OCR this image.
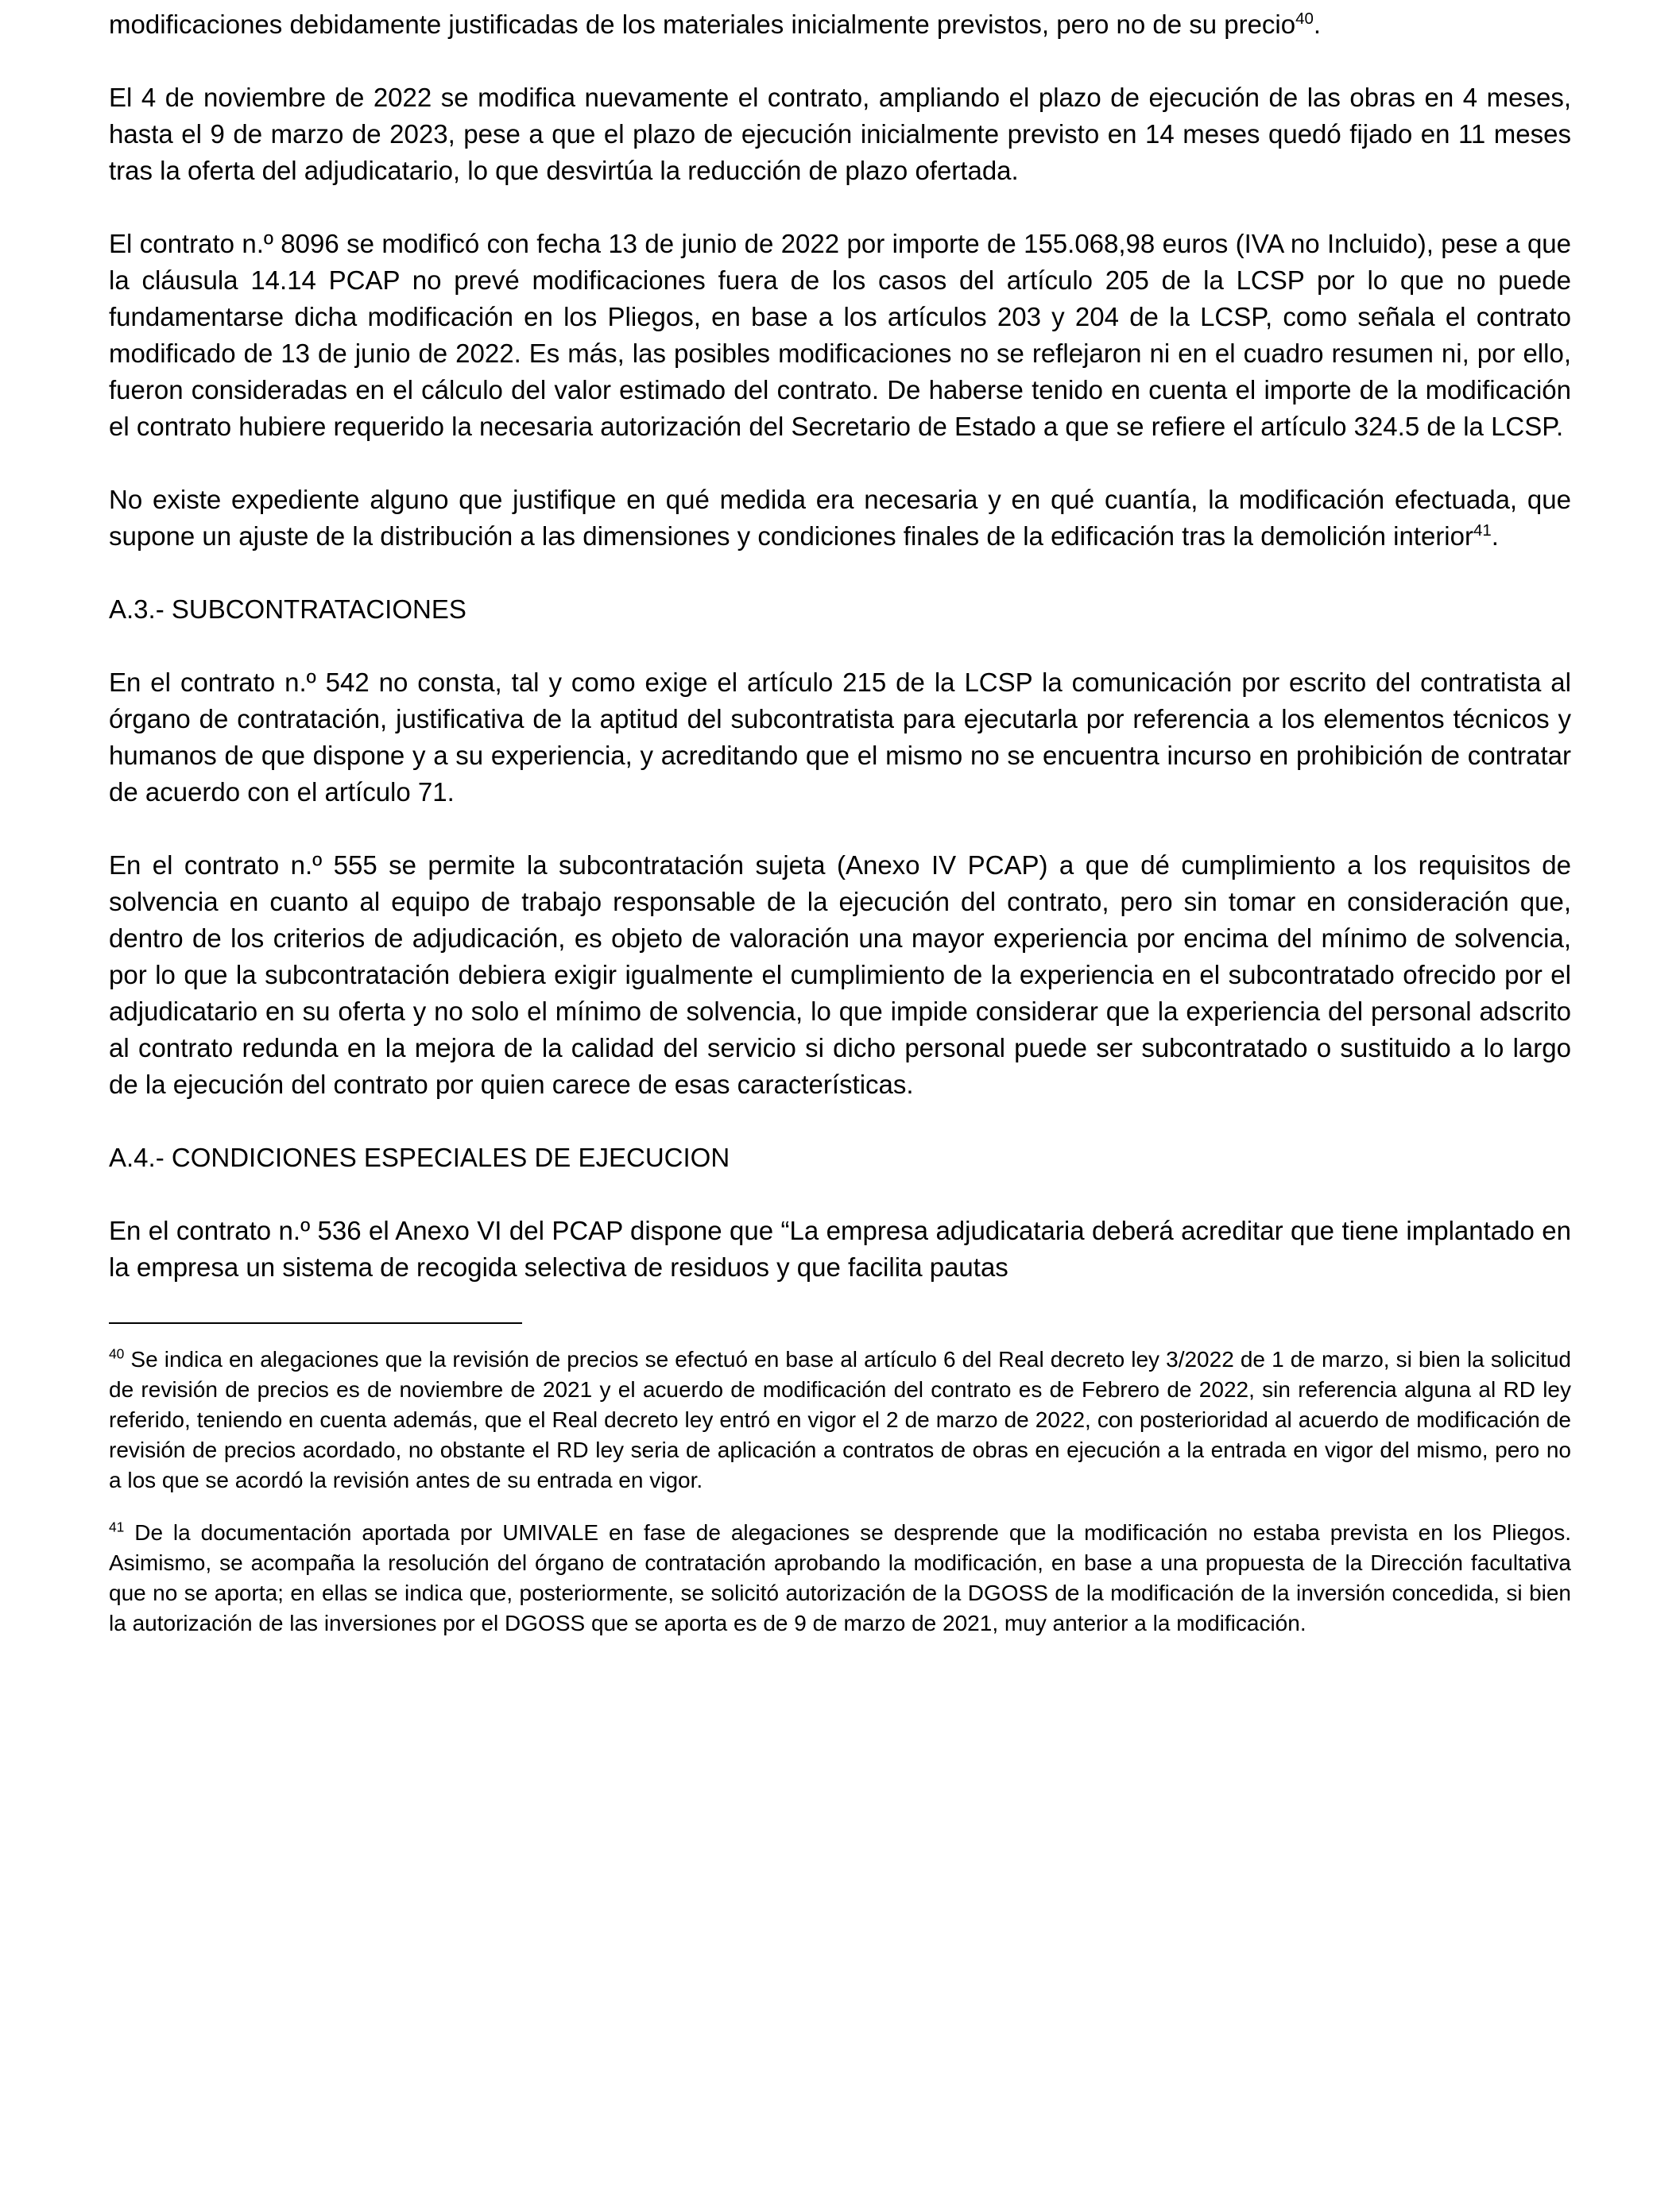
modificaciones debidamente justificadas de los materiales inicialmente previstos, pero no de su precio$^{40}$.

El 4 de noviembre de 2022 se modifica nuevamente el contrato, ampliando el plazo de ejecución de las obras en 4 meses, hasta el 9 de marzo de 2023, pese a que el plazo de ejecución inicialmente previsto en 14 meses quedó fijado en 11 meses tras la oferta del adjudicatario, lo que desvirtúa la reducción de plazo ofertada.

El contrato n.º 8096 se modificó con fecha 13 de junio de 2022 por importe de 155.068,98 euros (IVA no Incluido), pese a que la cláusula 14.14 PCAP no prevé modificaciones fuera de los casos del artículo 205 de la LCSP por lo que no puede fundamentarse dicha modificación en los Pliegos, en base a los artículos 203 y 204 de la LCSP, como señala el contrato modificado de 13 de junio de 2022. Es más, las posibles modificaciones no se reflejaron ni en el cuadro resumen ni, por ello, fueron consideradas en el cálculo del valor estimado del contrato. De haberse tenido en cuenta el importe de la modificación el contrato hubiere requerido la necesaria autorización del Secretario de Estado a que se refiere el artículo 324.5 de la LCSP.

No existe expediente alguno que justifique en qué medida era necesaria y en qué cuantía, la modificación efectuada, que supone un ajuste de la distribución a las dimensiones y condiciones finales de la edificación tras la demolición interior$^{41}$.

A.3.- SUBCONTRATACIONES

En el contrato n.º 542 no consta, tal y como exige el artículo 215 de la LCSP la comunicación por escrito del contratista al órgano de contratación, justificativa de la aptitud del subcontratista para ejecutarla por referencia a los elementos técnicos y humanos de que dispone y a su experiencia, y acreditando que el mismo no se encuentra incurso en prohibición de contratar de acuerdo con el artículo 71.

En el contrato n.º 555 se permite la subcontratación sujeta (Anexo IV PCAP) a que dé cumplimiento a los requisitos de solvencia en cuanto al equipo de trabajo responsable de la ejecución del contrato, pero sin tomar en consideración que, dentro de los criterios de adjudicación, es objeto de valoración una mayor experiencia por encima del mínimo de solvencia, por lo que la subcontratación debiera exigir igualmente el cumplimiento de la experiencia en el subcontratado ofrecido por el adjudicatario en su oferta y no solo el mínimo de solvencia, lo que impide considerar que la experiencia del personal adscrito al contrato redunda en la mejora de la calidad del servicio si dicho personal puede ser subcontratado o sustituido a lo largo de la ejecución del contrato por quien carece de esas características.

A.4.- CONDICIONES ESPECIALES DE EJECUCION

En el contrato n.º 536 el Anexo VI del PCAP dispone que “La empresa adjudicataria deberá acreditar que tiene implantado en la empresa un sistema de recogida selectiva de residuos y que facilita pautas

$^{40}$ Se indica en alegaciones que la revisión de precios se efectuó en base al artículo 6 del Real decreto ley 3/2022 de 1 de marzo, si bien la solicitud de revisión de precios es de noviembre de 2021 y el acuerdo de modificación del contrato es de Febrero de 2022, sin referencia alguna al RD ley referido, teniendo en cuenta además, que el Real decreto ley entró en vigor el 2 de marzo de 2022, con posterioridad al acuerdo de modificación de revisión de precios acordado, no obstante el RD ley seria de aplicación a contratos de obras en ejecución a la entrada en vigor del mismo, pero no a los que se acordó la revisión antes de su entrada en vigor.

$^{41}$ De la documentación aportada por UMIVALE en fase de alegaciones se desprende que la modificación no estaba prevista en los Pliegos. Asimismo, se acompaña la resolución del órgano de contratación aprobando la modificación, en base a una propuesta de la Dirección facultativa que no se aporta; en ellas se indica que, posteriormente, se solicitó autorización de la DGOSS de la modificación de la inversión concedida, si bien la autorización de las inversiones por el DGOSS que se aporta es de 9 de marzo de 2021, muy anterior a la modificación.
